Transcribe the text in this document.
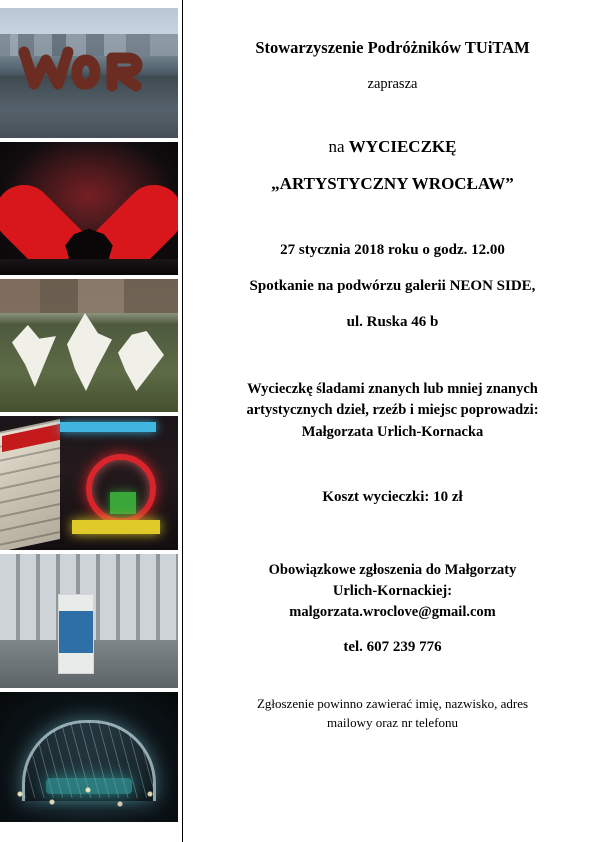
Stowarzyszenie Podróżników TUiTAM
zaprasza
na WYCIECZKĘ
„ARTYSTYCZNY WROCŁAW”
27 stycznia 2018 roku o godz. 12.00
Spotkanie na podwórzu galerii NEON SIDE,
ul. Ruska 46 b
Wycieczkę śladami znanych lub mniej znanych
artystycznych dzieł, rzeźb i miejsc poprowadzi:
Małgorzata Urlich-Kornacka
Koszt wycieczki: 10 zł
Obowiązkowe zgłoszenia do Małgorzaty
Urlich-Kornackiej:
malgorzata.wroclove@gmail.com
tel. 607 239 776
Zgłoszenie powinno zawierać imię, nazwisko, adres
mailowy oraz nr telefonu
